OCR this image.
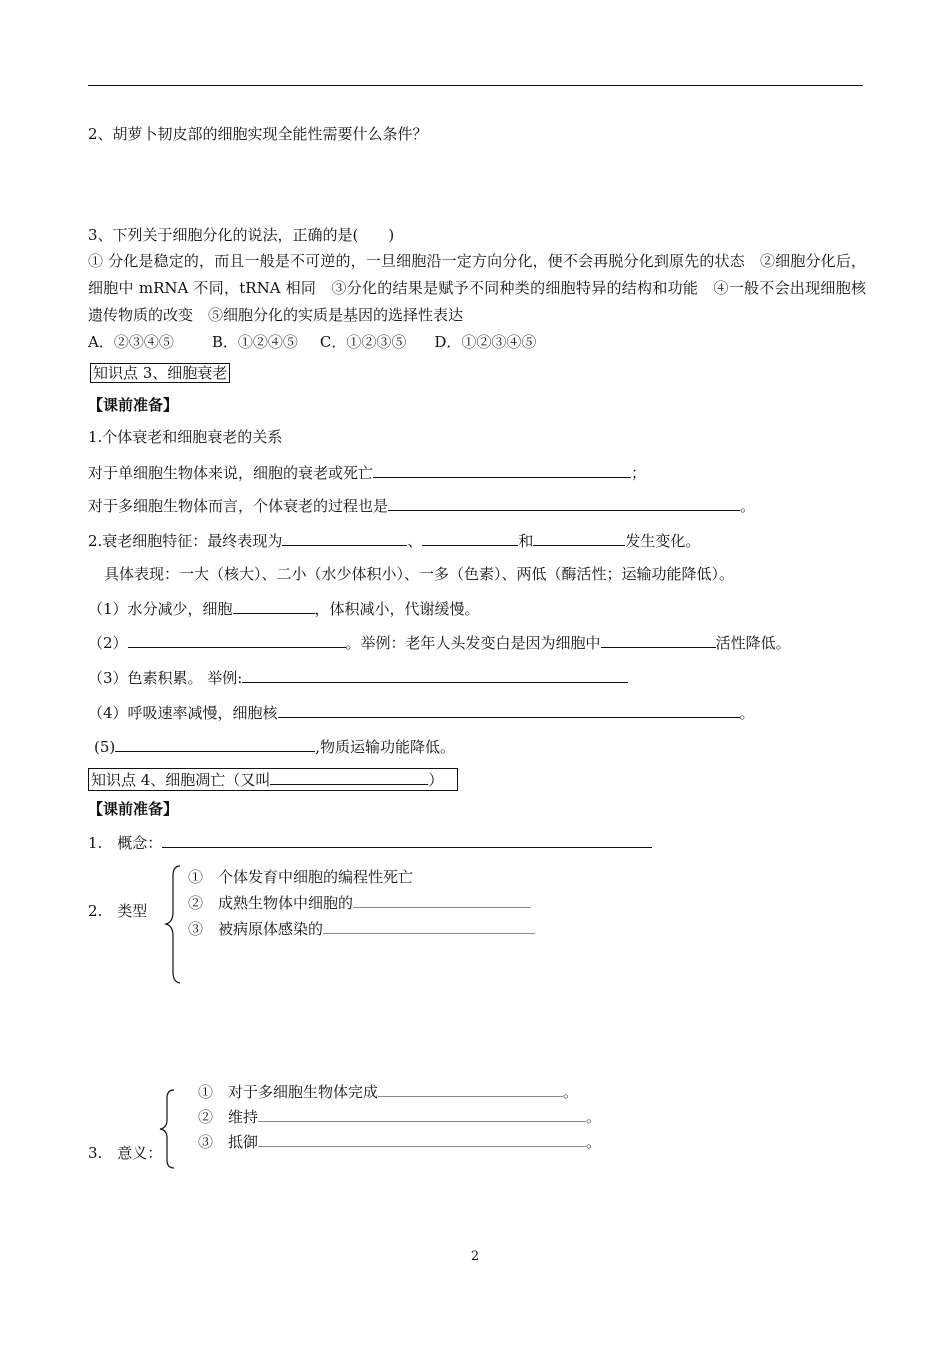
2、胡萝卜韧皮部的细胞实现全能性需要什么条件？
3、下列关于细胞分化的说法，正确的是(　　)
① 分化是稳定的，而且一般是不可逆的，一旦细胞沿一定方向分化，便不会再脱分化到原先的状态　②细胞分化后，细胞中 mRNA 不同，tRNA 相同　③分化的结果是赋予不同种类的细胞特异的结构和功能　④一般不会出现细胞核遗传物质的改变　⑤细胞分化的实质是基因的选择性表达
A．②③④⑤	B．①②④⑤ C．①②③⑤ D．①②③④⑤
知识点 3、细胞衰老
【课前准备】
1.个体衰老和细胞衰老的关系
对于单细胞生物体来说，细胞的衰老或死亡	；
对于多细胞生物体而言，个体衰老的过程也是	。
2.衰老细胞特征：最终表现为	、	和	发生变化。
具体表现：一大（核大）、二小（水少体积小）、一多（色素）、两低（酶活性；运输功能降低）。
（1）水分减少，细胞	，体积减小，代谢缓慢。
（2）	。举例：老年人头发变白是因为细胞中	活性降低。
（3）色素积累。 举例:
（4）呼吸速率减慢，细胞核	。
(5)	,物质运输功能降低。
知识点 4、细胞凋亡（又叫	）
【课前准备】
1.　概念：
2.　类型
①　个体发育中细胞的编程性死亡
②　成熟生物体中细胞的
③　被病原体感染的
①　对于多细胞生物体完成	。
②　维持	。
③　抵御	。
3.　意义：
2
